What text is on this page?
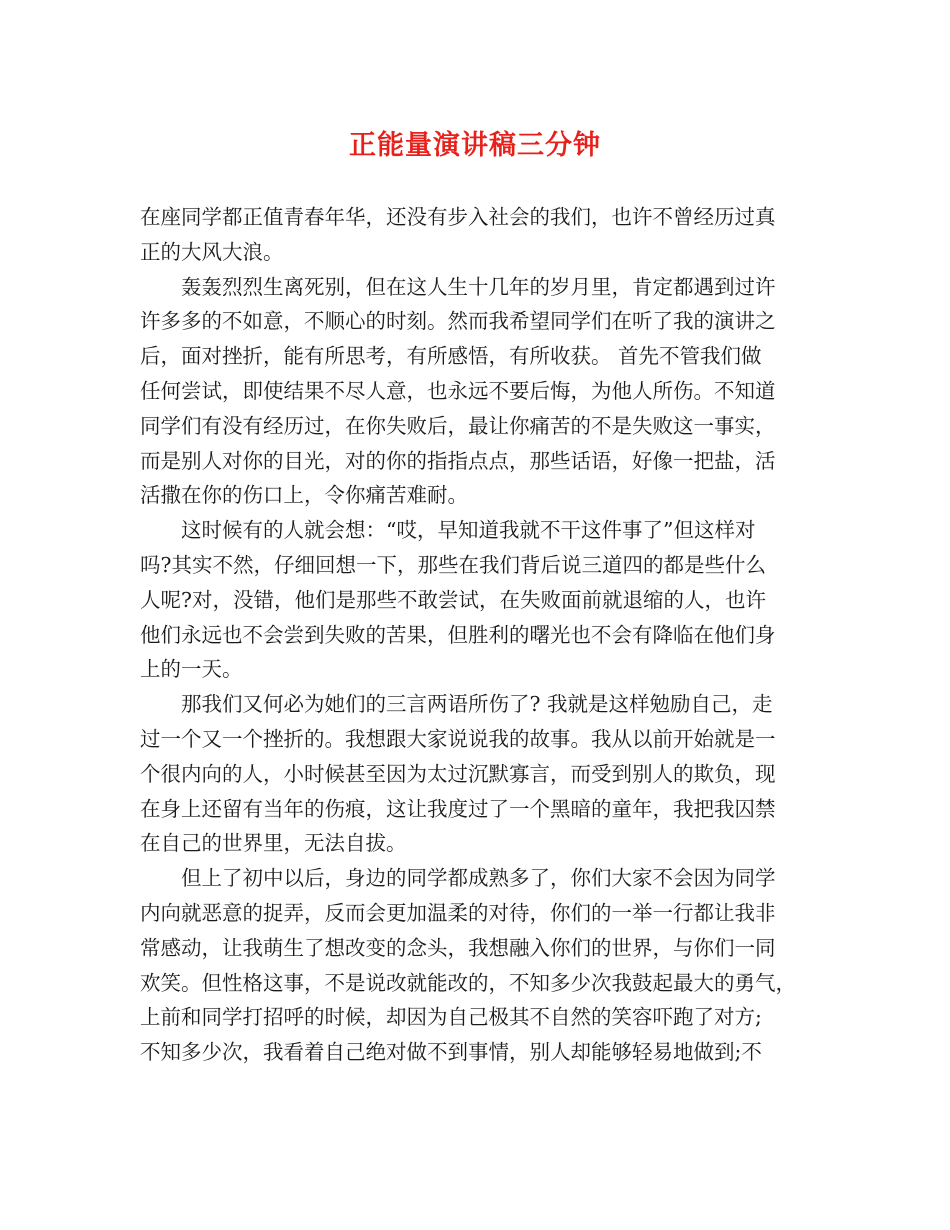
正能量演讲稿三分钟
在座同学都正值青春年华，还没有步入社会的我们，也许不曾经历过真
正的大风大浪。
轰轰烈烈生离死别，但在这人生十几年的岁月里，肯定都遇到过许
许多多的不如意，不顺心的时刻。然而我希望同学们在听了我的演讲之
后，面对挫折，能有所思考，有所感悟，有所收获。 首先不管我们做
任何尝试，即使结果不尽人意，也永远不要后悔，为他人所伤。不知道
同学们有没有经历过，在你失败后，最让你痛苦的不是失败这一事实，
而是别人对你的目光，对的你的指指点点，那些话语，好像一把盐，活
活撒在你的伤口上，令你痛苦难耐。
这时候有的人就会想：“哎，早知道我就不干这件事了”但这样对
吗?其实不然，仔细回想一下，那些在我们背后说三道四的都是些什么
人呢?对，没错，他们是那些不敢尝试，在失败面前就退缩的人，也许
他们永远也不会尝到失败的苦果，但胜利的曙光也不会有降临在他们身
上的一天。
那我们又何必为她们的三言两语所伤了? 我就是这样勉励自己，走
过一个又一个挫折的。我想跟大家说说我的故事。我从以前开始就是一
个很内向的人，小时候甚至因为太过沉默寡言，而受到别人的欺负，现
在身上还留有当年的伤痕，这让我度过了一个黑暗的童年，我把我囚禁
在自己的世界里，无法自拔。
但上了初中以后，身边的同学都成熟多了，你们大家不会因为同学
内向就恶意的捉弄，反而会更加温柔的对待，你们的一举一行都让我非
常感动，让我萌生了想改变的念头，我想融入你们的世界，与你们一同
欢笑。但性格这事，不是说改就能改的，不知多少次我鼓起最大的勇气，
上前和同学打招呼的时候，却因为自己极其不自然的笑容吓跑了对方;
不知多少次，我看着自己绝对做不到事情，别人却能够轻易地做到;不
